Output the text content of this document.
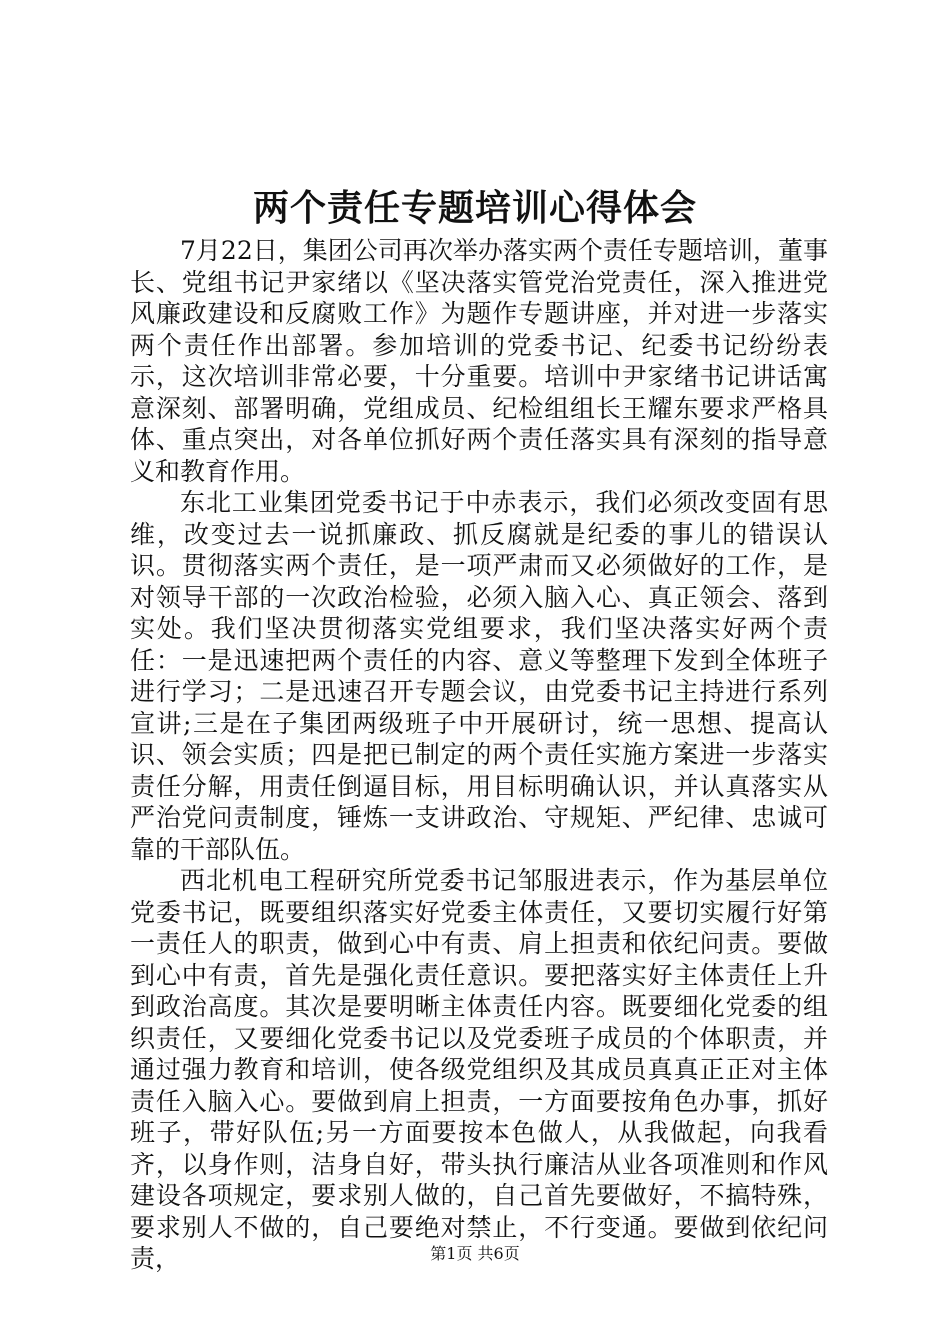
两个责任专题培训心得体会

7月22日，集团公司再次举办落实两个责任专题培训，董事长、党组书记尹家绪以《坚决落实管党治党责任，深入推进党风廉政建设和反腐败工作》为题作专题讲座，并对进一步落实两个责任作出部署。参加培训的党委书记、纪委书记纷纷表示，这次培训非常必要，十分重要。培训中尹家绪书记讲话寓意深刻、部署明确，党组成员、纪检组组长王耀东要求严格具体、重点突出，对各单位抓好两个责任落实具有深刻的指导意义和教育作用。

东北工业集团党委书记于中赤表示，我们必须改变固有思维，改变过去一说抓廉政、抓反腐就是纪委的事儿的错误认识。贯彻落实两个责任，是一项严肃而又必须做好的工作，是对领导干部的一次政治检验，必须入脑入心、真正领会、落到实处。我们坚决贯彻落实党组要求，我们坚决落实好两个责任：一是迅速把两个责任的内容、意义等整理下发到全体班子进行学习；二是迅速召开专题会议，由党委书记主持进行系列宣讲;三是在子集团两级班子中开展研讨，统一思想、提高认识、领会实质；四是把已制定的两个责任实施方案进一步落实责任分解，用责任倒逼目标，用目标明确认识，并认真落实从严治党问责制度，锤炼一支讲政治、守规矩、严纪律、忠诚可靠的干部队伍。

西北机电工程研究所党委书记邹服进表示，作为基层单位党委书记，既要组织落实好党委主体责任，又要切实履行好第一责任人的职责，做到心中有责、肩上担责和依纪问责。要做到心中有责，首先是强化责任意识。要把落实好主体责任上升到政治高度。其次是要明晰主体责任内容。既要细化党委的组织责任，又要细化党委书记以及党委班子成员的个体职责，并通过强力教育和培训，使各级党组织及其成员真真正正对主体责任入脑入心。要做到肩上担责，一方面要按角色办事，抓好班子，带好队伍;另一方面要按本色做人，从我做起，向我看齐，以身作则，洁身自好，带头执行廉洁从业各项准则和作风建设各项规定，要求别人做的，自己首先要做好，不搞特殊，要求别人不做的，自己要绝对禁止，不行变通。要做到依纪问责，	第1页 共6页
